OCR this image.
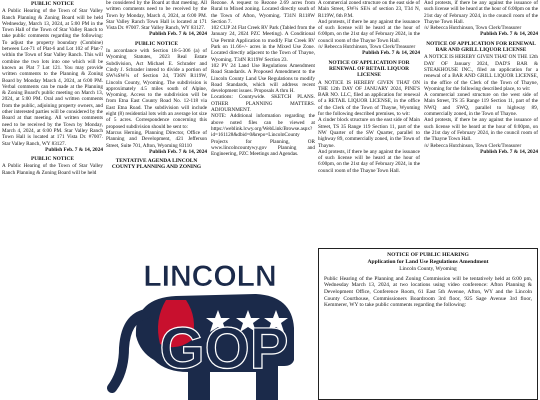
PUBLIC NOTICE
A Public Hearing of the Town of Star Valley Ranch Planning & Zoning Board will be held Wednesday, March 13, 2024, at 5:00 PM in the Town Hall of the Town of Star Valley Ranch to take public comments regarding the following: To adjust the property boundary (Combine) between Lot-71 of Plat-6 and Lot 102 of Plat-7 within the Town of Star Valley Ranch. This will combine the two lots into one which will be known as Plat 7 Lot 121. You may provide written comments to the Planning & Zoning Board by Monday March 4, 2024, at 6:00 PM. Verbal comments can be made at the Planning & Zoning Board's public meeting on March 13, 2024, at 5:00 PM. Oral and written comments from the public, adjoining property owners, and other interested parties will be considered by the Board at that meeting. All written comments need to be received by the Town by Monday, March 4, 2024, at 6:00 PM. Star Valley Ranch Town Hall is located at 171 Vista Dr. #7007. Star Valley Ranch, WY 83127.
Publish Feb. 7 & 14, 2024
PUBLIC NOTICE
A Public Hearing of the Town of Star Valley Ranch Planning & Zoning Board will be held
be considered by the Board at that meeting. All written comments need to be received by the Town by Monday, March 4, 2024, at 6:00 PM. Star Valley Ranch Town Hall is located at 171 Vista Dr. #7007. Star Valley Ranch, WY 83127.
Publish Feb. 7 & 14, 2024
PUBLIC NOTICE
In accordance with Section 18-5-306 (a) of Wyoming Statutes, 2023 Real Estate Subdivision, Act Michael E. Schrader and Cindy J. Schrader intend to divide a portion of SW¼SW¼ of Section 24, T36N R119W, Lincoln County, Wyoming. The subdivision is approximately 4.5 miles south of Alpine, Wyoming. Access to the subdivision will be from Etna East County Road No. 12-118 via East Etna Road. The subdivision will include eight (8) residential lots with an average lot size of 5 acres. Correspondence concerning this proposed subdivision should be sent to:
Marcus Herning, Planning Director, Office of Planning and Development, 421 Jefferson Street, Suite 701, Afton, Wyoming 83110
Publish Feb. 7 & 14, 2024
TENTATIVE AGENDA LINCOLN COUNTY PLANNING AND ZONING
Rezone. A request to Rezone 2.69 acres from Rural to Mixed zoning. Located directly south of the Town of Afton, Wyoming. T31N R118W Section 7.
102 CUP 24 Flat Creek RV Park (Tabled from the January 24, 2024 PZC Meeting). A Conditional Use Permit Application to modify Flat Creek RV Park on 11.66+/- acres in the Mixed Use Zone. Located directly adjacent to the Town of Thayne, Wyoming. T34N R119W Section 23.
102 PV 24 Land Use Regulations Amendment Road Standards. A Proposed Amendment to the Lincoln County Land Use Regulations to modify Road Standards, which will address recent development issues. Proposals A thru H.
Locations: Countywide. SKETCH PLANS. OTHER PLANNING MATTERS. ADJOURNMENT.
NOTE: Additional information regarding the above noted files can be viewed at https://weblink.lcwy.org/WebLink/Browse.aspx?id=161128&dbid=0&repo=LincolnCounty Projects for Planning, OR www.lincolncountywy.gov Planning and Engineering, PZC Meetings and Agendas.
A commercial zoned structure on the east side of Main Street, SW¼ SE¼ of section 23, T34 N, R119W, 6th P.M.
And protests, if there be any against the issuance of such license will be heard at the hour of 6:00pm, on the 21st day of February 2024, in the council room of the Thayne Town Hall.
/s/ Rebecca Hutchinson, Town Clerk/Treasurer
Publish Feb. 7 & 14, 2024
NOTICE OF APPLICATION FOR RENEWAL OF RETAIL LIQUOR LICENSE
A NOTICE IS HEREBY GIVEN THAT ON THE 12th DAY OF JANUARY 2024, PINE'S BAR NO. LLC, filed an application for renewal of a RETAIL LIQUOR LICENSE, in the office of the Clerk of the Town of Thayne, Wyoming for the following described premises, to wit:
A cinder block structure on the east side of Main Street, TS 35 Range 119 Section 11, part of the NW Quarter of the SW Quarter, parallel to highway 89, commercially zoned, in the Town of Thayne.
And protests, if there be any against the issuance of such license will be heard at the hour of 6:00pm, on the 21st day of February 2024, in the council room of the Thayne Town Hall.
And protests, if there be any against the issuance of such license will be heard at the hour of 6:00pm on the 21st day of February 2024, in the council room of the Thayne Town Hall.
/s/ Rebecca Hutchinson, Town Clerk/Treasurer
Publish Feb. 7 & 14, 2024
NOTICE OF APPLICATION FOR RENEWAL BAR AND GRILL LIQUOR LICENSE
A NOTICE IS HEREBY GIVEN THAT ON THE 12th DAY OF January 2024, DAD'S BAR & STEAKHOUSE INC., filed an application for a renewal of a BAR AND GRILL LIQUOR LICENSE, in the office of the Clerk of the Town of Thayne, Wyoming for the following described place, to wit:
A commercial zoned structure on the west side of Main Street, TS 35 Range 119 Section 11, part of the NWQ and SWQ, parallel to highway 89, commercially zoned, in the Town of Thayne.
And protests, if there be any against the issuance of such license will be heard at the hour of 6:00pm, on the 21st day of February 2024, in the council room of the Thayne Town Hall.
/s/ Rebecca Hutchinson, Town Clerk/Treasurer
Publish Feb. 7 & 14, 2024
LINCOLN
GOP
NOTICE OF PUBLIC HEARING
Application for Land Use Regulations Amendment
Lincoln County, Wyoming
Public Hearing of the Planning and Zoning Commission will be tentatively held at 6:00 pm, Wednesday March 13, 2024, at two locations using video conference: Afton Planning & Development Office, Conference Room, 61 East 5th Avenue, Afton, WY and the Lincoln County Courthouse, Commissioners Boardroom 3rd floor, 925 Sage Avenue 3rd floor, Kemmerer, WY to take public comments regarding the following:
